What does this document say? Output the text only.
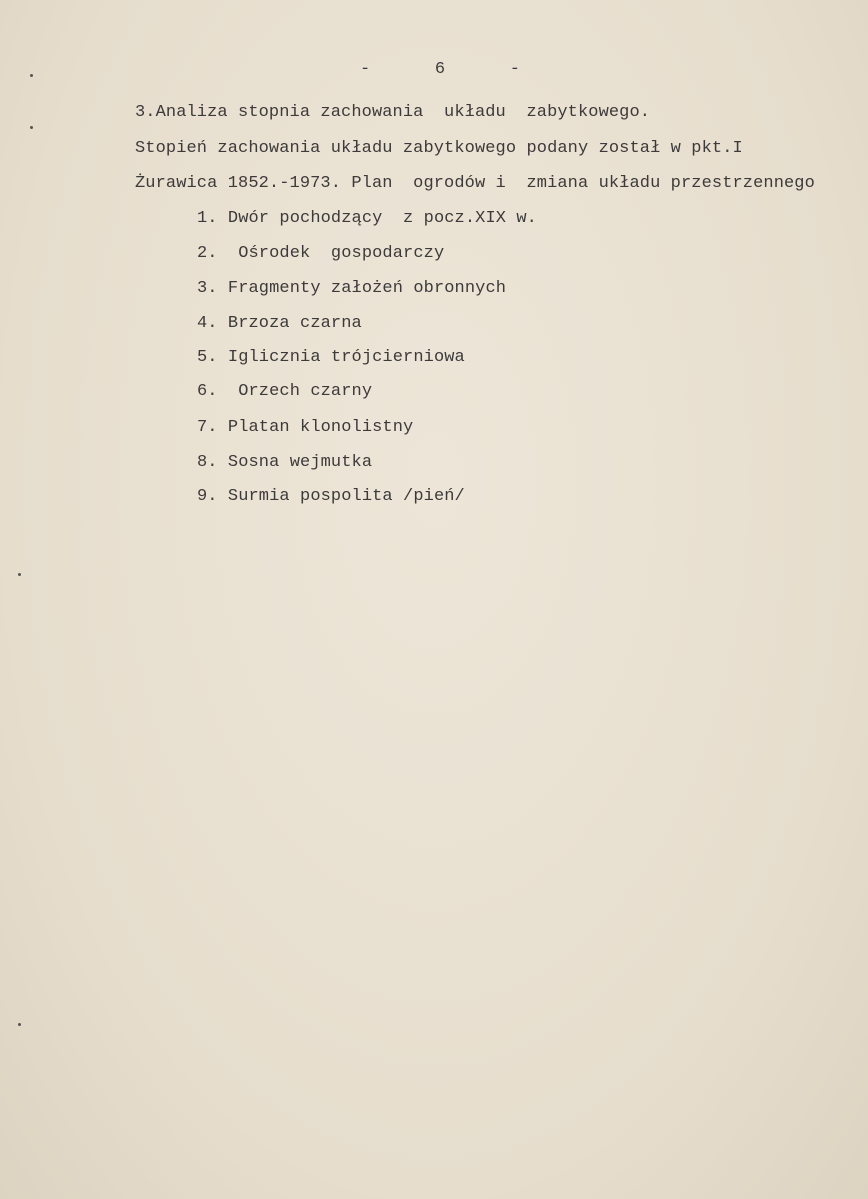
-  6  -
3.Analiza stopnia zachowania  układu  zabytkowego.
Stopień zachowania układu zabytkowego podany został w pkt.I
Żurawica 1852.-1973. Plan  ogrodów i  zmiana układu przestrzennego
1. Dwór pochodzący  z pocz.XIX w.
2.  Ośrodek  gospodarczy
3. Fragmenty założeń obronnych
4. Brzoza czarna
5. Iglicznia trójcierniowa
6.  Orzech czarny
7. Platan klonolistny
8. Sosna wejmutka
9. Surmia pospolita /pień/
